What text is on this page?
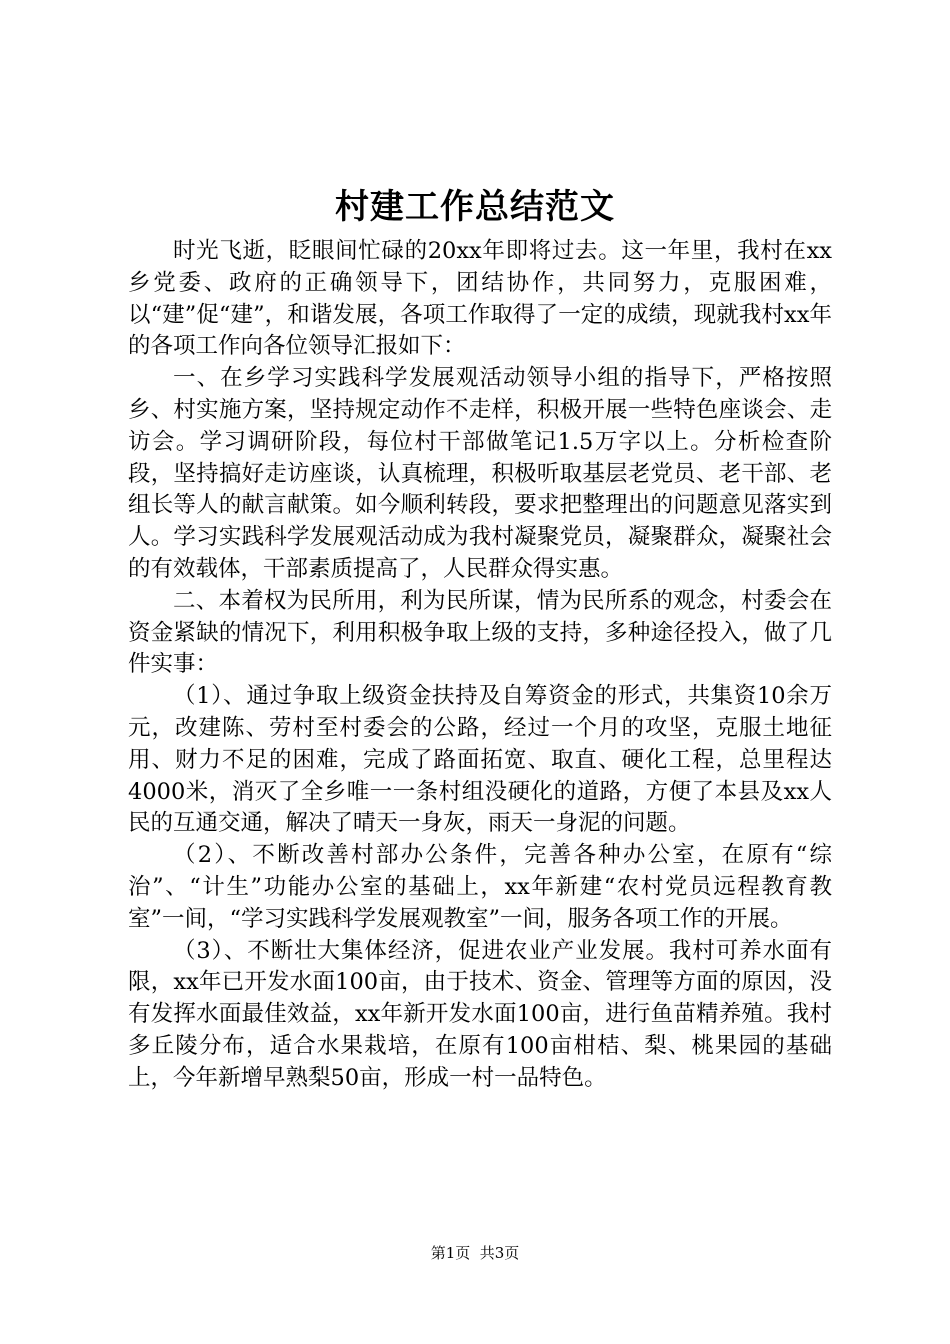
村建工作总结范文

时光飞逝，眨眼间忙碌的20xx年即将过去。这一年里，我村在xx乡党委、政府的正确领导下，团结协作，共同努力，克服困难，以“建”促“建”，和谐发展，各项工作取得了一定的成绩，现就我村xx年的各项工作向各位领导汇报如下：

一、在乡学习实践科学发展观活动领导小组的指导下，严格按照乡、村实施方案，坚持规定动作不走样，积极开展一些特色座谈会、走访会。学习调研阶段，每位村干部做笔记1.5万字以上。分析检查阶段，坚持搞好走访座谈，认真梳理，积极听取基层老党员、老干部、老组长等人的献言献策。如今顺利转段，要求把整理出的问题意见落实到人。学习实践科学发展观活动成为我村凝聚党员，凝聚群众，凝聚社会的有效载体，干部素质提高了，人民群众得实惠。

二、本着权为民所用，利为民所谋，情为民所系的观念，村委会在资金紧缺的情况下，利用积极争取上级的支持，多种途径投入，做了几件实事：

（1）、通过争取上级资金扶持及自筹资金的形式，共集资10余万元，改建陈、劳村至村委会的公路，经过一个月的攻坚，克服土地征用、财力不足的困难，完成了路面拓宽、取直、硬化工程，总里程达4000米，消灭了全乡唯一一条村组没硬化的道路，方便了本县及xx人民的互通交通，解决了晴天一身灰，雨天一身泥的问题。

（2）、不断改善村部办公条件，完善各种办公室，在原有“综治”、“计生”功能办公室的基础上，xx年新建“农村党员远程教育教室”一间，“学习实践科学发展观教室”一间，服务各项工作的开展。

（3）、不断壮大集体经济，促进农业产业发展。我村可养水面有限，xx年已开发水面100亩，由于技术、资金、管理等方面的原因，没有发挥水面最佳效益，xx年新开发水面100亩，进行鱼苗精养殖。我村多丘陵分布，适合水果栽培，在原有100亩柑桔、梨、桃果园的基础上，今年新增早熟梨50亩，形成一村一品特色。

第1页  共3页
